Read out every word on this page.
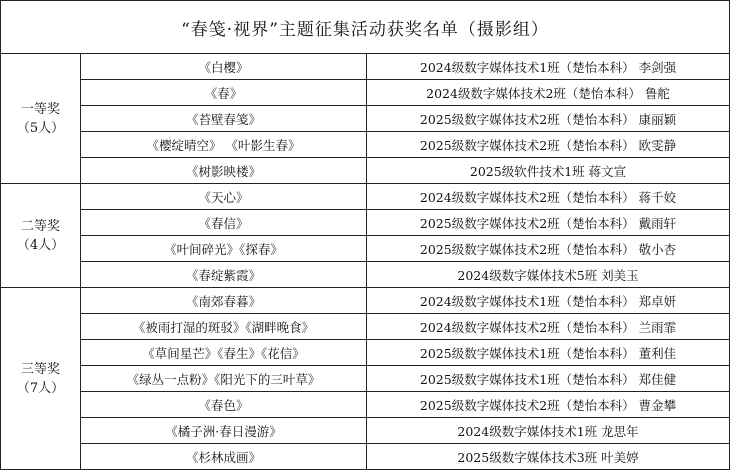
“春笺·视界”主题征集活动获奖名单（摄影组）		

一等奖
（5人）	《白樱》	2024级数字媒体技术1班（楚怡本科） 李剑强
	《春》	2024级数字媒体技术2班（楚怡本科） 鲁舵
	《苔壁春笺》	2025级数字媒体技术2班（楚怡本科） 康丽颖
	《樱绽晴空》 《叶影生春》	2025级数字媒体技术2班（楚怡本科） 欧雯静
	《树影映楼》	2025级软件技术1班 蒋文宣

二等奖
（4人）	《天心》	2024级数字媒体技术2班（楚怡本科） 蒋千姣
	《春信》	2025级数字媒体技术2班（楚怡本科） 戴雨轩
	《叶间碎光》《探春》	2025级数字媒体技术2班（楚怡本科） 敬小杏
	《春绽紫霞》	2024级数字媒体技术5班 刘美玉

三等奖
（7人）	《南郊春暮》	2024级数字媒体技术1班（楚怡本科） 郑卓妍
	《被雨打湿的斑驳》《湖畔晚食》	2024级数字媒体技术2班（楚怡本科） 兰雨霏
	《草间星芒》《春生》《花信》	2025级数字媒体技术1班（楚怡本科） 董利佳
	《绿丛一点粉》《阳光下的三叶草》	2025级数字媒体技术1班（楚怡本科） 郑佳健
	《春色》	2025级数字媒体技术2班（楚怡本科） 曹金攀
	《橘子洲·春日漫游》	2024级数字媒体技术1班 龙思年
	《杉林成画》	2025级数字媒体技术3班 叶美婷
